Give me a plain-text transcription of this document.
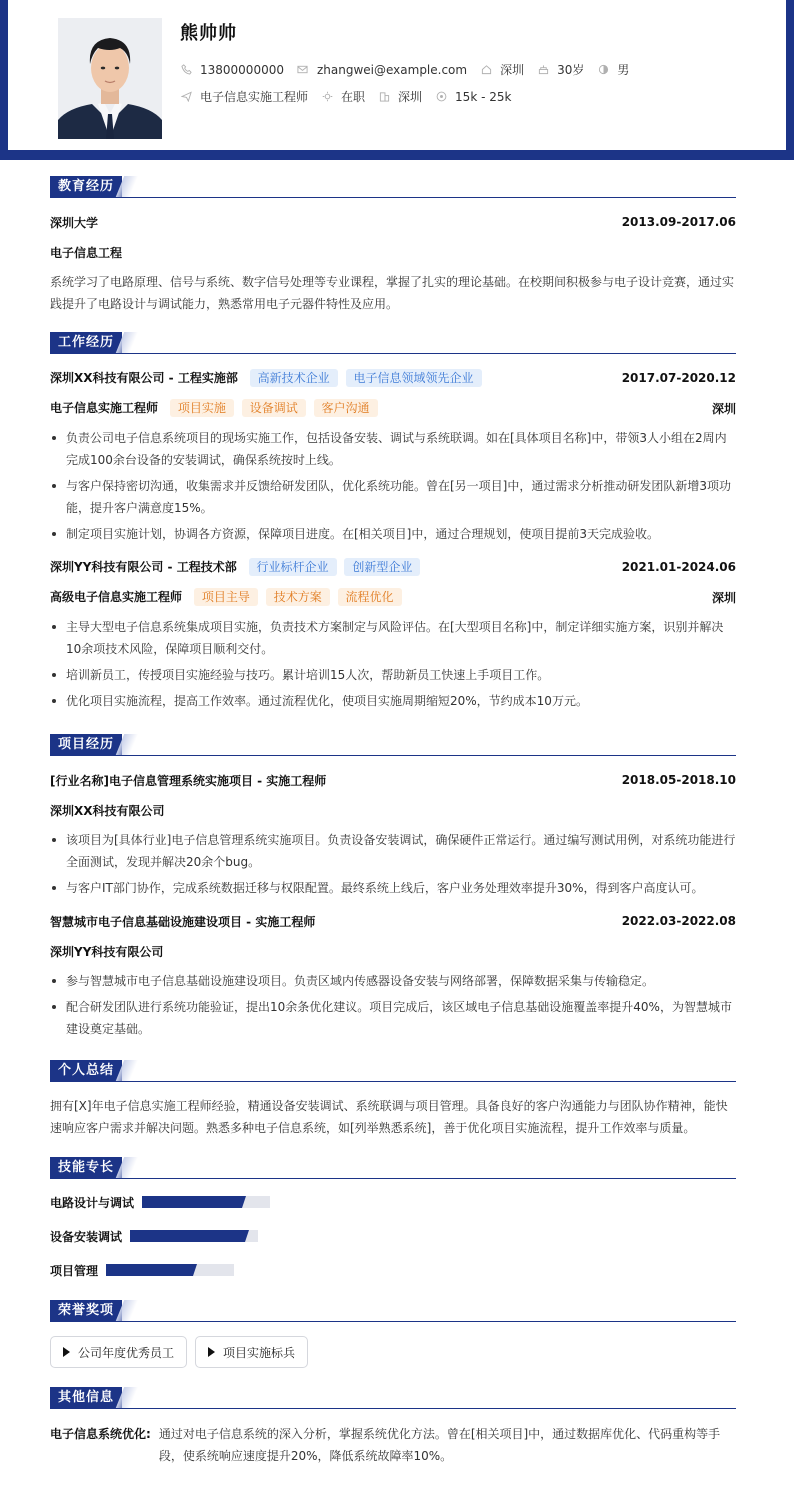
熊帅帅
13800000000	zhangwei@example.com	深圳	30岁	男
电子信息实施工程师	在职	深圳	15k - 25k
教育经历
深圳大学	2013.09-2017.06
电子信息工程
系统学习了电路原理、信号与系统、数字信号处理等专业课程，掌握了扎实的理论基础。在校期间积极参与电子设计竞赛，通过实践提升了电路设计与调试能力，熟悉常用电子元器件特性及应用。
工作经历
深圳XX科技有限公司 - 工程实施部 高新技术企业 电子信息领域领先企业	2017.07-2020.12
电子信息实施工程师 项目实施 设备调试 客户沟通	深圳
负责公司电子信息系统项目的现场实施工作，包括设备安装、调试与系统联调。如在[具体项目名称]中，带领3人小组在2周内完成100余台设备的安装调试，确保系统按时上线。
与客户保持密切沟通，收集需求并反馈给研发团队，优化系统功能。曾在[另一项目]中，通过需求分析推动研发团队新增3项功能，提升客户满意度15%。
制定项目实施计划，协调各方资源，保障项目进度。在[相关项目]中，通过合理规划，使项目提前3天完成验收。
深圳YY科技有限公司 - 工程技术部 行业标杆企业 创新型企业	2021.01-2024.06
高级电子信息实施工程师 项目主导 技术方案 流程优化	深圳
主导大型电子信息系统集成项目实施，负责技术方案制定与风险评估。在[大型项目名称]中，制定详细实施方案，识别并解决10余项技术风险，保障项目顺利交付。
培训新员工，传授项目实施经验与技巧。累计培训15人次，帮助新员工快速上手项目工作。
优化项目实施流程，提高工作效率。通过流程优化，使项目实施周期缩短20%，节约成本10万元。
项目经历
[行业名称]电子信息管理系统实施项目 - 实施工程师	2018.05-2018.10
深圳XX科技有限公司
该项目为[具体行业]电子信息管理系统实施项目。负责设备安装调试，确保硬件正常运行。通过编写测试用例，对系统功能进行全面测试，发现并解决20余个bug。
与客户IT部门协作，完成系统数据迁移与权限配置。最终系统上线后，客户业务处理效率提升30%，得到客户高度认可。
智慧城市电子信息基础设施建设项目 - 实施工程师	2022.03-2022.08
深圳YY科技有限公司
参与智慧城市电子信息基础设施建设项目。负责区域内传感器设备安装与网络部署，保障数据采集与传输稳定。
配合研发团队进行系统功能验证，提出10余条优化建议。项目完成后，该区域电子信息基础设施覆盖率提升40%，为智慧城市建设奠定基础。
个人总结
拥有[X]年电子信息实施工程师经验，精通设备安装调试、系统联调与项目管理。具备良好的客户沟通能力与团队协作精神，能快速响应客户需求并解决问题。熟悉多种电子信息系统，如[列举熟悉系统]，善于优化项目实施流程，提升工作效率与质量。
技能专长
电路设计与调试
设备安装调试
项目管理
荣誉奖项
公司年度优秀员工	项目实施标兵
其他信息
电子信息系统优化: 通过对电子信息系统的深入分析，掌握系统优化方法。曾在[相关项目]中，通过数据库优化、代码重构等手段，使系统响应速度提升20%，降低系统故障率10%。
